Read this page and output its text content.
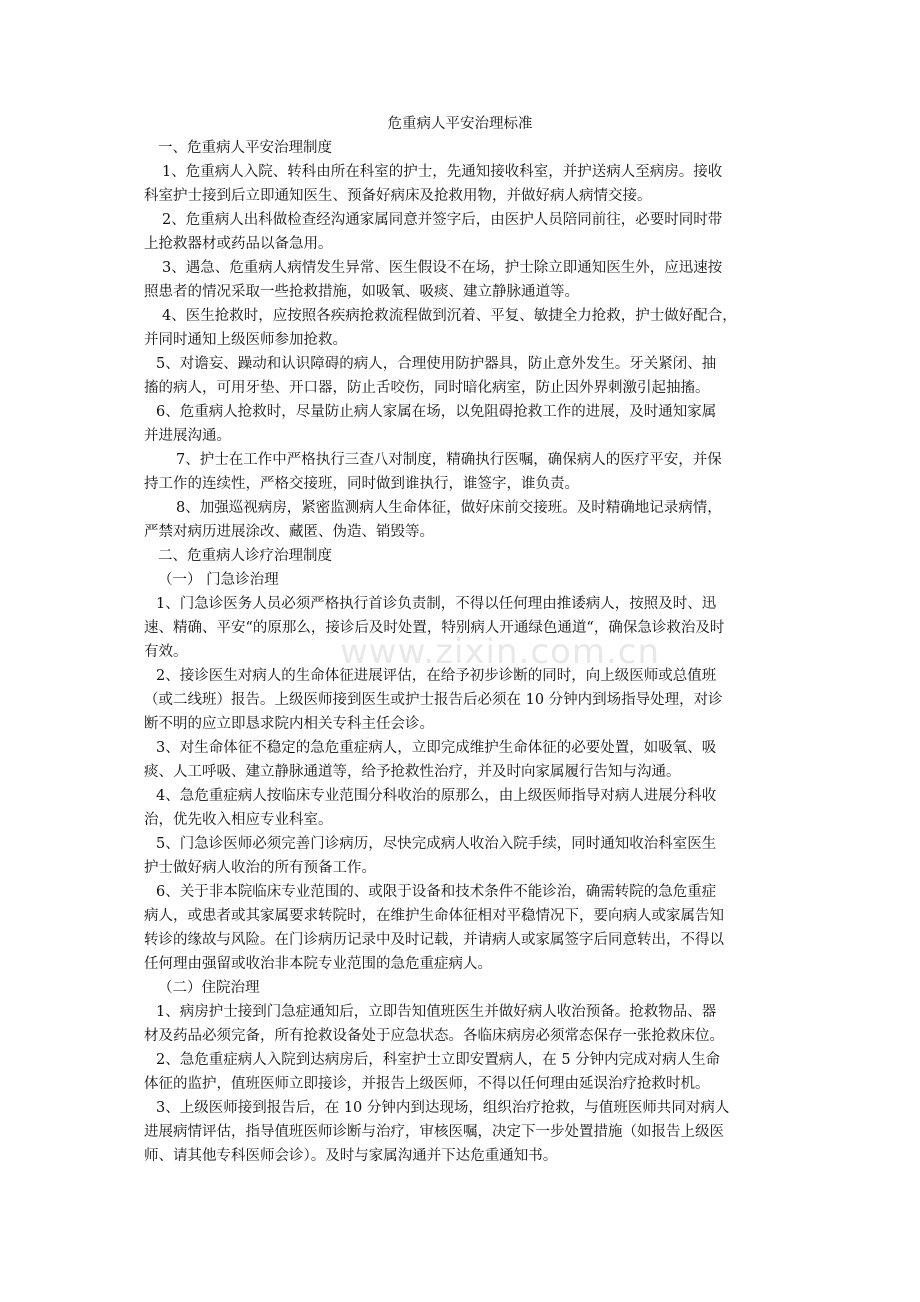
危重病人平安治理标准
一、危重病人平安治理制度
1、危重病人入院、转科由所在科室的护士，先通知接收科室，并护送病人至病房。接收
科室护士接到后立即通知医生、预备好病床及抢救用物，并做好病人病情交接。
2、危重病人出科做检查经沟通家属同意并签字后，由医护人员陪同前往，必要时同时带
上抢救器材或药品以备急用。
3、遇急、危重病人病情发生异常、医生假设不在场，护士除立即通知医生外，应迅速按
照患者的情况采取一些抢救措施，如吸氧、吸痰、建立静脉通道等。
4、医生抢救时，应按照各疾病抢救流程做到沉着、平复、敏捷全力抢救，护士做好配合，
并同时通知上级医师参加抢救。
5、对谵妄、躁动和认识障碍的病人，合理使用防护器具，防止意外发生。牙关紧闭、抽
搐的病人，可用牙垫、开口器，防止舌咬伤，同时暗化病室，防止因外界刺激引起抽搐。
6、危重病人抢救时，尽量防止病人家属在场，以免阻碍抢救工作的进展，及时通知家属
并进展沟通。
7、护士在工作中严格执行三查八对制度，精确执行医嘱，确保病人的医疗平安，并保
持工作的连续性，严格交接班，同时做到谁执行，谁签字，谁负责。
8、加强巡视病房，紧密监测病人生命体征，做好床前交接班。及时精确地记录病情，
严禁对病历进展涂改、藏匿、伪造、销毁等。
二、危重病人诊疗治理制度
（一） 门急诊治理
1、门急诊医务人员必须严格执行首诊负责制，不得以任何理由推诿病人，按照及时、迅
速、精确、平安“的原那么，接诊后及时处置，特别病人开通绿色通道“，确保急诊救治及时
有效。
2、接诊医生对病人的生命体征进展评估，在给予初步诊断的同时，向上级医师或总值班
（或二线班）报告。上级医师接到医生或护士报告后必须在 10 分钟内到场指导处理，对诊
断不明的应立即恳求院内相关专科主任会诊。
3、对生命体征不稳定的急危重症病人，立即完成维护生命体征的必要处置，如吸氧、吸
痰、人工呼吸、建立静脉通道等，给予抢救性治疗，并及时向家属履行告知与沟通。
4、急危重症病人按临床专业范围分科收治的原那么，由上级医师指导对病人进展分科收
治，优先收入相应专业科室。
5、门急诊医师必须完善门诊病历，尽快完成病人收治入院手续，同时通知收治科室医生
护士做好病人收治的所有预备工作。
6、关于非本院临床专业范围的、或限于设备和技术条件不能诊治，确需转院的急危重症
病人，或患者或其家属要求转院时，在维护生命体征相对平稳情况下，要向病人或家属告知
转诊的缘故与风险。在门诊病历记录中及时记载，并请病人或家属签字后同意转出，不得以
任何理由强留或收治非本院专业范围的急危重症病人。
（二）住院治理
1、病房护士接到门急症通知后，立即告知值班医生并做好病人收治预备。抢救物品、器
材及药品必须完备，所有抢救设备处于应急状态。各临床病房必须常态保存一张抢救床位。
2、急危重症病人入院到达病房后，科室护士立即安置病人，在 5 分钟内完成对病人生命
体征的监护，值班医师立即接诊，并报告上级医师，不得以任何理由延误治疗抢救时机。
3、上级医师接到报告后，在 10 分钟内到达现场，组织治疗抢救，与值班医师共同对病人
进展病情评估，指导值班医师诊断与治疗，审核医嘱，决定下一步处置措施（如报告上级医
师、请其他专科医师会诊）。及时与家属沟通并下达危重通知书。
www.zixin.com.cn
